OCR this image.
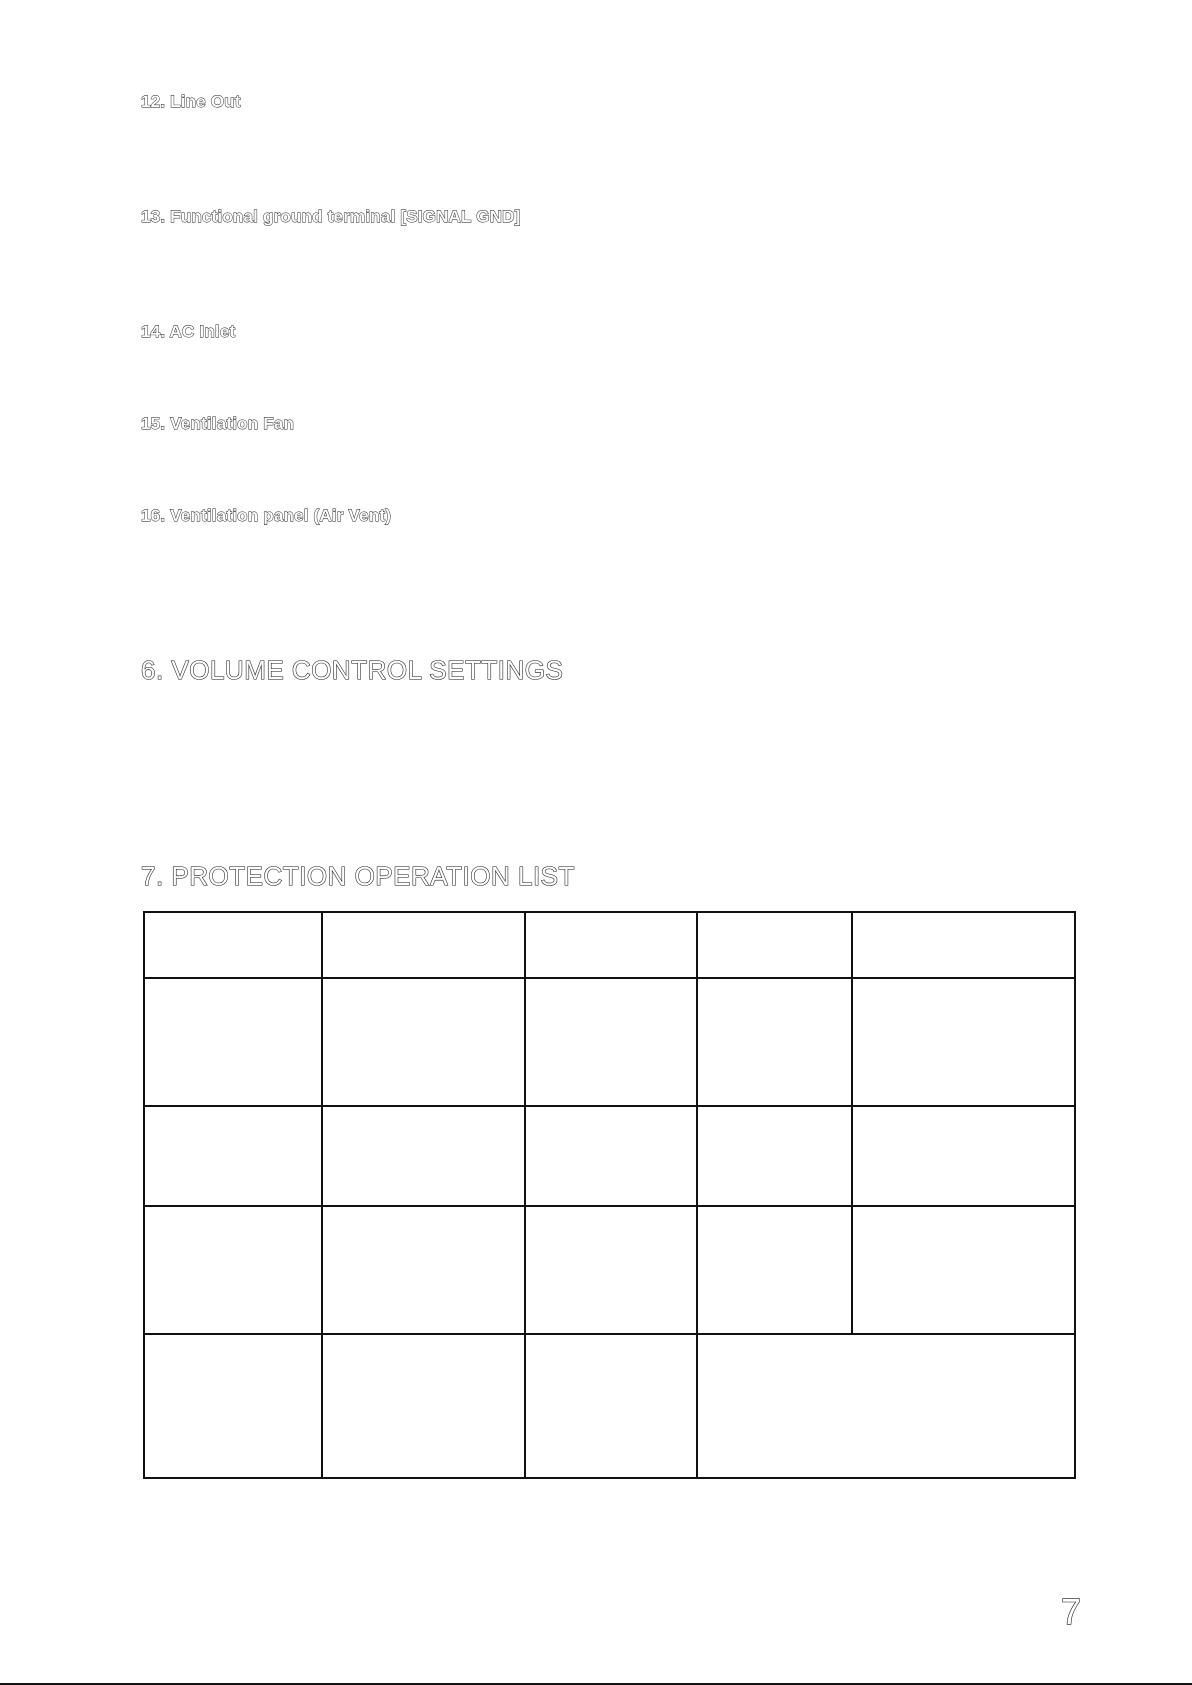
12. Line Out
13. Functional ground terminal [SIGNAL GND]
14. AC Inlet
15. Ventilation Fan
16. Ventilation panel (Air Vent)
6. VOLUME CONTROL SETTINGS
7. PROTECTION OPERATION LIST

7
